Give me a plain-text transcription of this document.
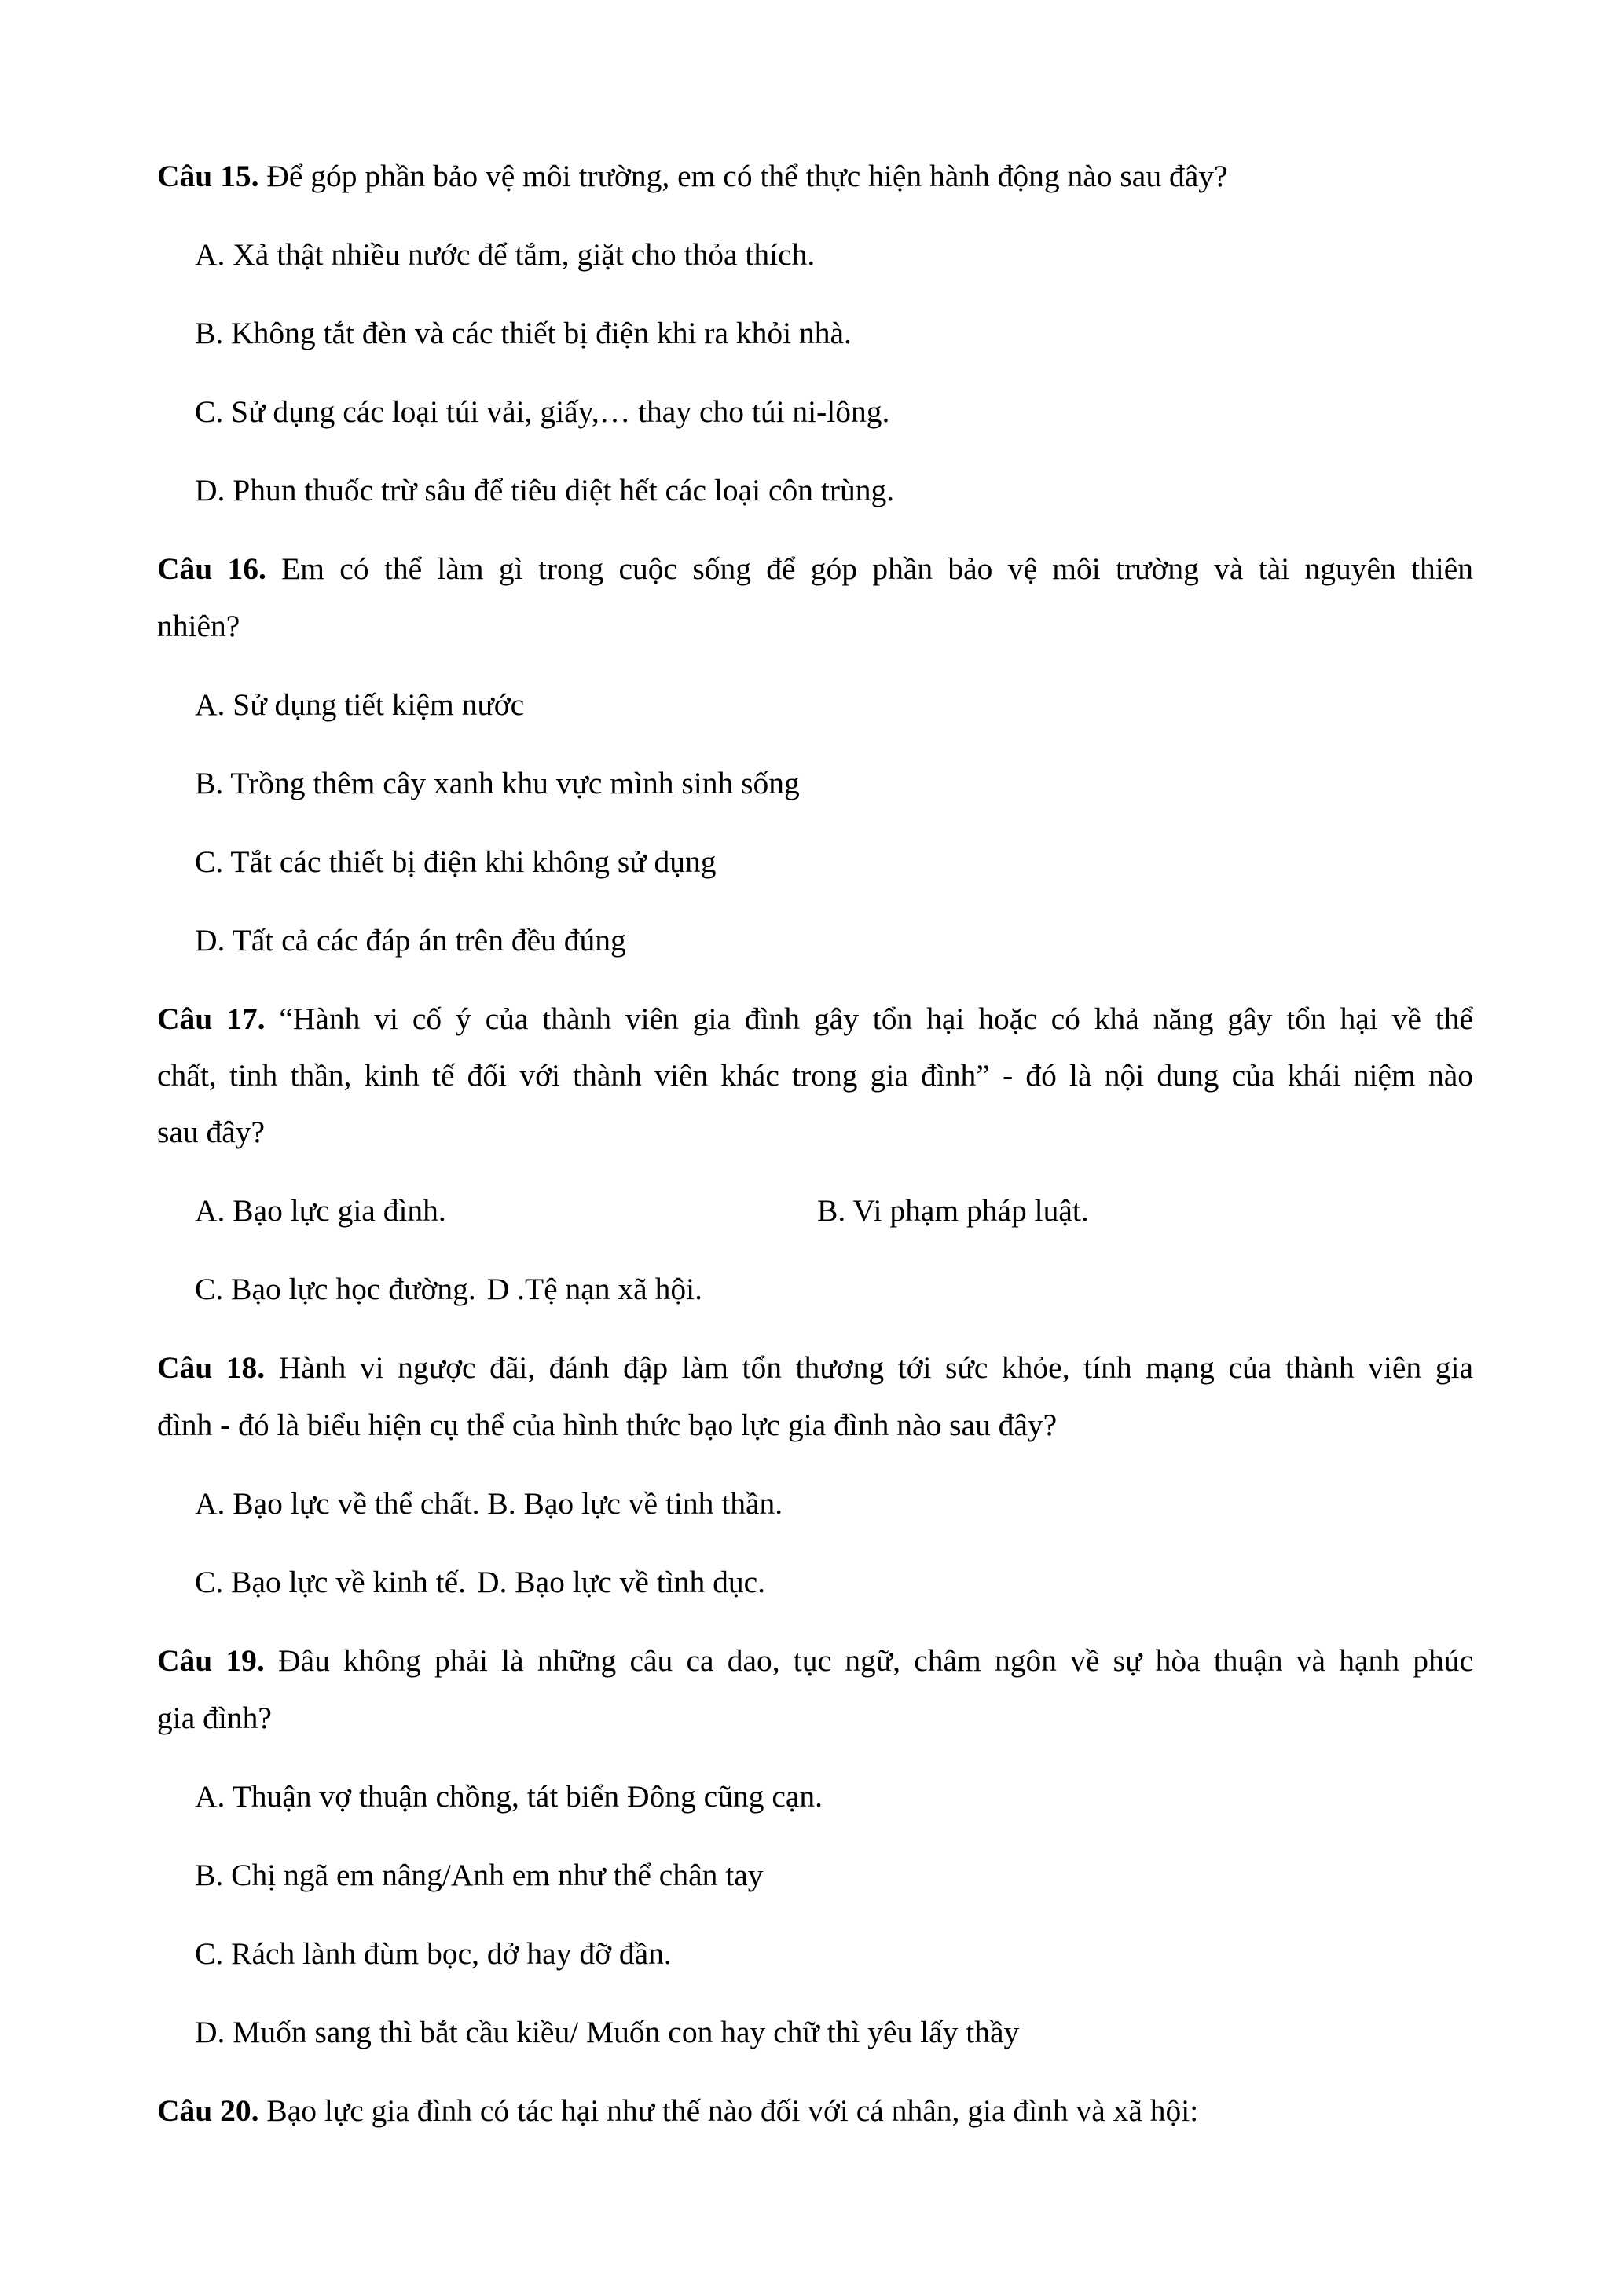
Câu 15. Để góp phần bảo vệ môi trường, em có thể thực hiện hành động nào sau đây?
A. Xả thật nhiều nước để tắm, giặt cho thỏa thích.
B. Không tắt đèn và các thiết bị điện khi ra khỏi nhà.
C. Sử dụng các loại túi vải, giấy,… thay cho túi ni-lông.
D. Phun thuốc trừ sâu để tiêu diệt hết các loại côn trùng.
Câu 16. Em có thể làm gì trong cuộc sống để góp phần bảo vệ môi trường và tài nguyên thiên
nhiên?
A. Sử dụng tiết kiệm nước
B. Trồng thêm cây xanh khu vực mình sinh sống
C. Tắt các thiết bị điện khi không sử dụng
D. Tất cả các đáp án trên đều đúng
Câu 17. “Hành vi cố ý của thành viên gia đình gây tổn hại hoặc có khả năng gây tổn hại về thể
chất, tinh thần, kinh tế đối với thành viên khác trong gia đình” - đó là nội dung của khái niệm nào
sau đây?
A. Bạo lực gia đình.	B. Vi phạm pháp luật.
C. Bạo lực học đường. D .Tệ nạn xã hội.
Câu 18. Hành vi ngược đãi, đánh đập làm tổn thương tới sức khỏe, tính mạng của thành viên gia
đình - đó là biểu hiện cụ thể của hình thức bạo lực gia đình nào sau đây?
A. Bạo lực về thể chất. B. Bạo lực về tinh thần.
C. Bạo lực về kinh tế. D. Bạo lực về tình dục.
Câu 19. Đâu không phải là những câu ca dao, tục ngữ, châm ngôn về sự hòa thuận và hạnh phúc
gia đình?
A. Thuận vợ thuận chồng, tát biển Đông cũng cạn.
B. Chị ngã em nâng/Anh em như thể chân tay
C. Rách lành đùm bọc, dở hay đỡ đần.
D. Muốn sang thì bắt cầu kiều/ Muốn con hay chữ thì yêu lấy thầy
Câu 20. Bạo lực gia đình có tác hại như thế nào đối với cá nhân, gia đình và xã hội:
